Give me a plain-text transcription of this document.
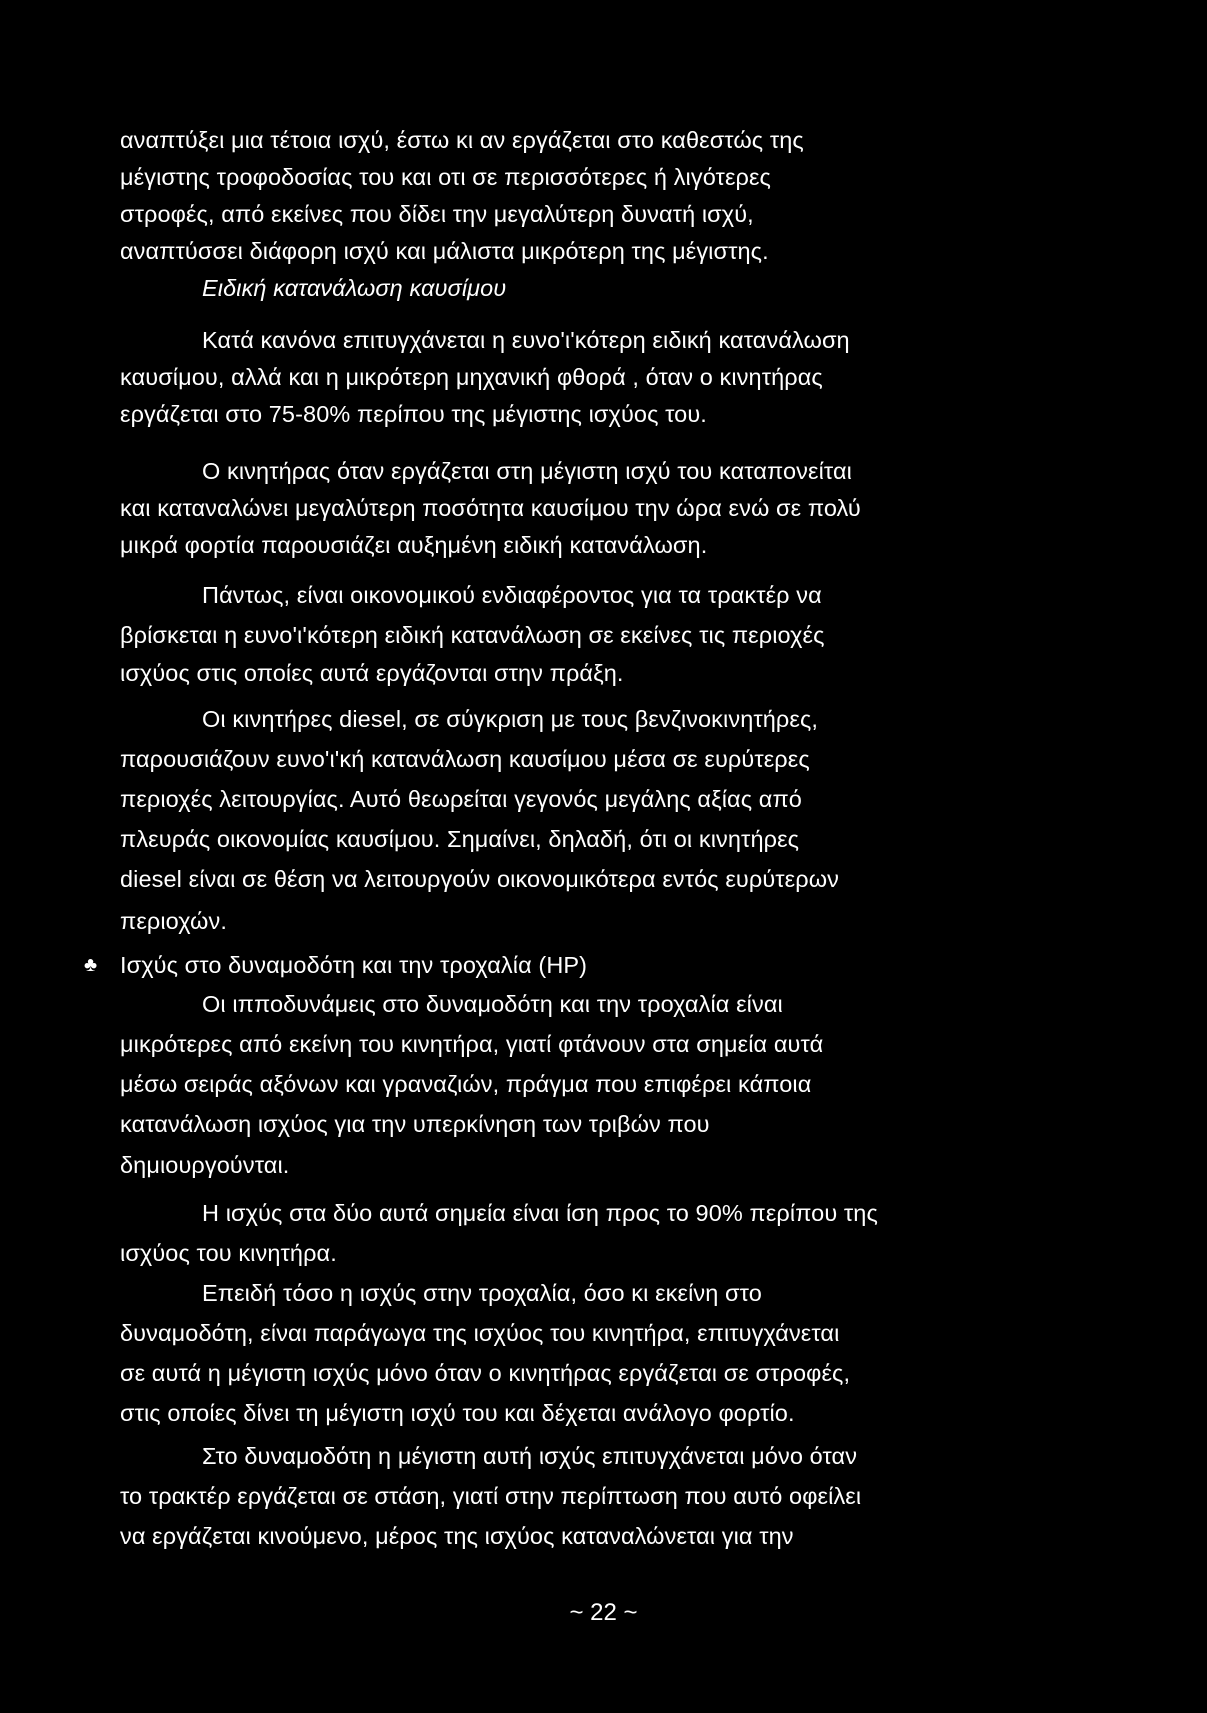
αναπτύξει μια τέτοια ισχύ, έστω κι αν εργάζεται στο καθεστώς της
μέγιστης τροφοδοσίας του και οτι σε περισσότερες ή λιγότερες
στροφές, από εκείνες που δίδει την μεγαλύτερη δυνατή ισχύ,
αναπτύσσει διάφορη ισχύ και μάλιστα μικρότερη της μέγιστης.
Ειδική κατανάλωση καυσίμου
Κατά κανόνα επιτυγχάνεται η ευνο'ι'κότερη ειδική κατανάλωση
καυσίμου, αλλά και η μικρότερη μηχανική φθορά , όταν ο κινητήρας
εργάζεται στο 75-80% περίπου της μέγιστης ισχύος του.
Ο κινητήρας όταν εργάζεται στη μέγιστη ισχύ του καταπονείται
και καταναλώνει μεγαλύτερη ποσότητα καυσίμου την ώρα ενώ σε πολύ
μικρά φορτία παρουσιάζει αυξημένη ειδική κατανάλωση.
Πάντως, είναι οικονομικού ενδιαφέροντος για τα τρακτέρ να
βρίσκεται η ευνο'ι'κότερη ειδική κατανάλωση σε εκείνες τις περιοχές
ισχύος στις οποίες αυτά εργάζονται στην πράξη.
Οι κινητήρες diesel, σε σύγκριση με τους βενζινοκινητήρες,
παρουσιάζουν ευνο'ι'κή κατανάλωση καυσίμου μέσα σε ευρύτερες
περιοχές λειτουργίας. Αυτό θεωρείται γεγονός μεγάλης αξίας από
πλευράς οικονομίας καυσίμου. Σημαίνει, δηλαδή, ότι οι κινητήρες
diesel είναι σε θέση να λειτουργούν οικονομικότερα εντός ευρύτερων
περιοχών.
♣ Ισχύς στο δυναμοδότη και την τροχαλία (HP)
Οι ιπποδυνάμεις στο δυναμοδότη και την τροχαλία είναι
μικρότερες από εκείνη του κινητήρα, γιατί φτάνουν στα σημεία αυτά
μέσω σειράς αξόνων και γραναζιών, πράγμα που επιφέρει κάποια
κατανάλωση ισχύος για την υπερκίνηση των τριβών που
δημιουργούνται.
Η ισχύς στα δύο αυτά σημεία είναι ίση προς το 90% περίπου της
ισχύος του κινητήρα.
Επειδή τόσο η ισχύς στην τροχαλία, όσο κι εκείνη στο
δυναμοδότη, είναι παράγωγα της ισχύος του κινητήρα, επιτυγχάνεται
σε αυτά η μέγιστη ισχύς μόνο όταν ο κινητήρας εργάζεται σε στροφές,
στις οποίες δίνει τη μέγιστη ισχύ του και δέχεται ανάλογο φορτίο.
Στο δυναμοδότη η μέγιστη αυτή ισχύς επιτυγχάνεται μόνο όταν
το τρακτέρ εργάζεται σε στάση, γιατί στην περίπτωση που αυτό οφείλει
να εργάζεται κινούμενο, μέρος της ισχύος καταναλώνεται για την
~ 22 ~
